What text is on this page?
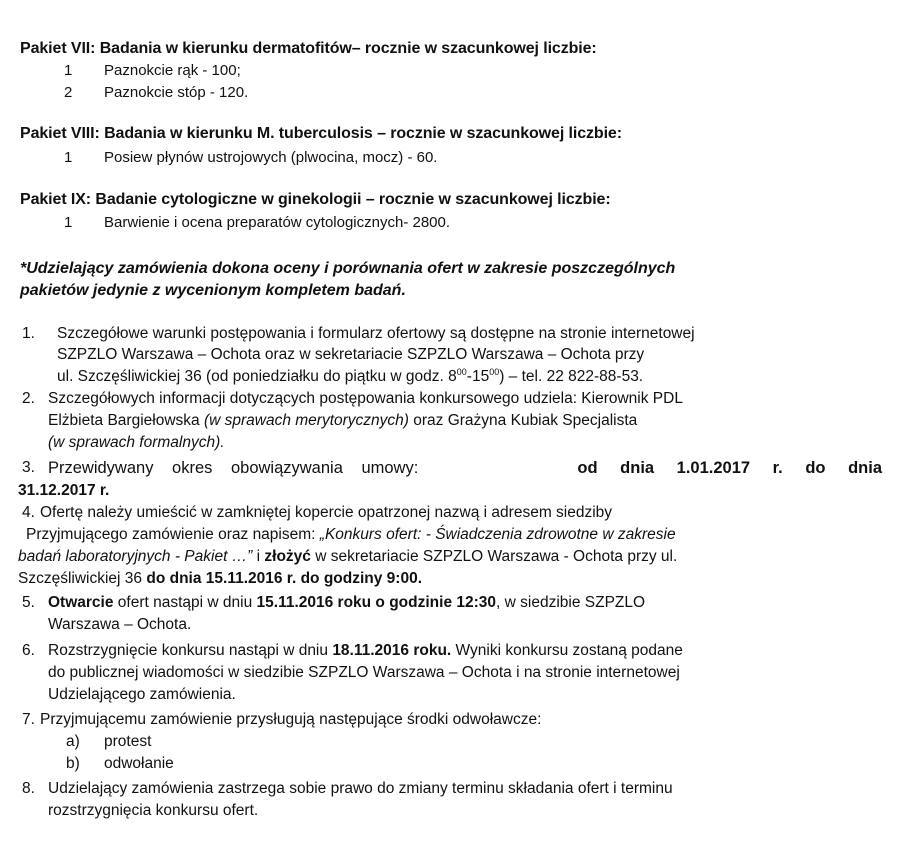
Pakiet VII: Badania w kierunku dermatofitów– rocznie w szacunkowej liczbie:
1 Paznokcie rąk - 100;
2 Paznokcie stóp - 120.
Pakiet VIII: Badania w kierunku M. tuberculosis – rocznie w szacunkowej liczbie:
1 Posiew płynów ustrojowych (plwocina, mocz) - 60.
Pakiet IX: Badanie cytologiczne w ginekologii – rocznie w szacunkowej liczbie:
1 Barwienie i ocena preparatów cytologicznych- 2800.
*Udzielający zamówienia dokona oceny i porównania ofert w zakresie poszczególnych
pakietów jedynie z wycenionym kompletem badań.
1. Szczegółowe warunki postępowania i formularz ofertowy są dostępne na stronie internetowej
SZPZLO Warszawa – Ochota oraz w sekretariacie SZPZLO Warszawa – Ochota przy
ul. Szczęśliwickiej 36 (od poniedziałku do piątku w godz. $8^{00}-15^{00}$) – tel. 22 822-88-53.
2. Szczegółowych informacji dotyczących postępowania konkursowego udziela: Kierownik PDL
Elżbieta Bargiełowska (w sprawach merytorycznych) oraz Grażyna Kubiak Specjalista
(w sprawach formalnych).
3. Przewidywany okres obowiązywania umowy:	od dnia 1.01.2017 r. do dnia
31.12.2017 r.
4. Ofertę należy umieścić w zamkniętej kopercie opatrzonej nazwą i adresem siedziby
Przyjmującego zamówienie oraz napisem: „Konkurs ofert: - Świadczenia zdrowotne w zakresie
badań laboratoryjnych - Pakiet …” i złożyć w sekretariacie SZPZLO Warszawa - Ochota przy ul.
Szczęśliwickiej 36 do dnia 15.11.2016 r. do godziny 9:00.
5. Otwarcie ofert nastąpi w dniu 15.11.2016 roku o godzinie 12:30, w siedzibie SZPZLO
Warszawa – Ochota.
6. Rozstrzygnięcie konkursu nastąpi w dniu 18.11.2016 roku. Wyniki konkursu zostaną podane
do publicznej wiadomości w siedzibie SZPZLO Warszawa – Ochota i na stronie internetowej
Udzielającego zamówienia.
7. Przyjmującemu zamówienie przysługują następujące środki odwoławcze:
a) protest
b) odwołanie
8. Udzielający zamówienia zastrzega sobie prawo do zmiany terminu składania ofert i terminu
rozstrzygnięcia konkursu ofert.
